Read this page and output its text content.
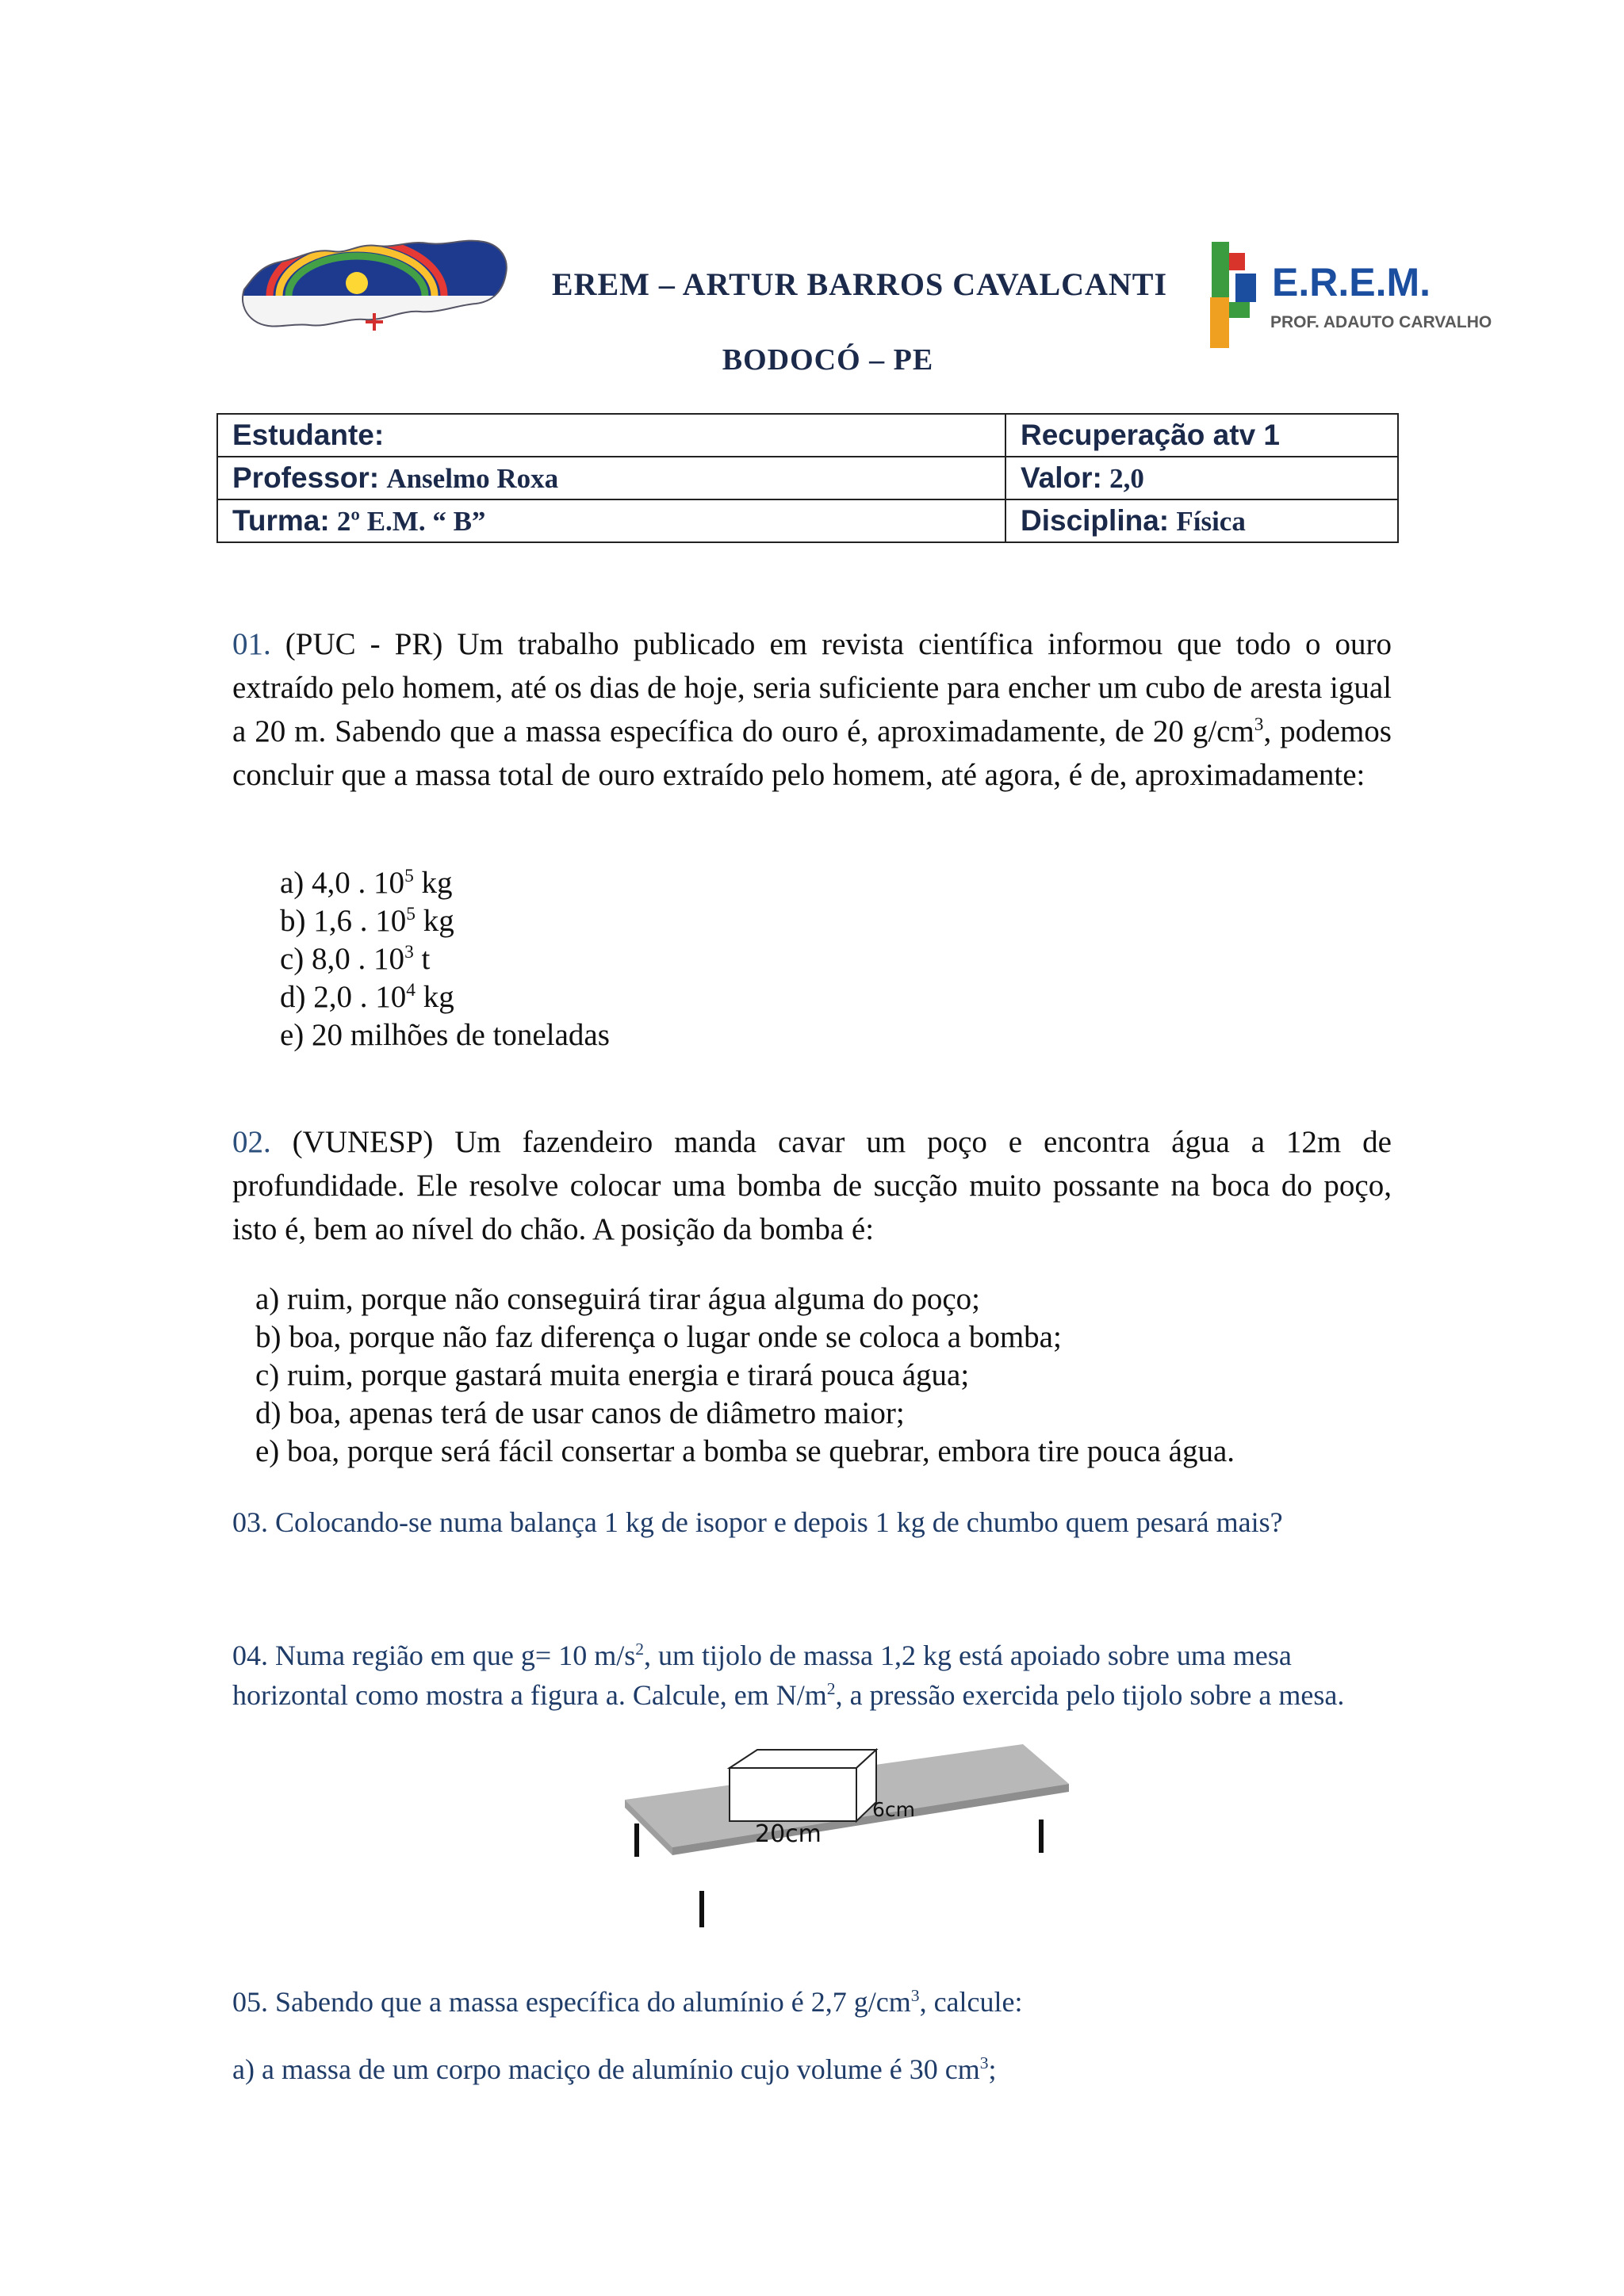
EREM – ARTUR BARROS CAVALCANTI	E.R.E.M.
PROF. ADAUTO CARVALHO
BODOCÓ – PE
Estudante:	Recuperação atv 1
Professor: Anselmo Roxa	Valor: 2,0
Turma: 2º E.M. “ B”	Disciplina: Física
01. (PUC - PR) Um trabalho publicado em revista científica informou que todo o ouro extraído pelo homem, até os dias de hoje, seria suficiente para encher um cubo de aresta igual a 20 m. Sabendo que a massa específica do ouro é, aproximadamente, de 20 $g/cm^3$, podemos concluir que a massa total de ouro extraído pelo homem, até agora, é de, aproximadamente:
a) 4,0 . $10^5$ kg
b) 1,6 . $10^5$ kg
c) 8,0 . $10^3$ t
d) 2,0 . $10^4$ kg
e) 20 milhões de toneladas
02. (VUNESP) Um fazendeiro manda cavar um poço e encontra água a 12m de profundidade. Ele resolve colocar uma bomba de sucção muito possante na boca do poço, isto é, bem ao nível do chão. A posição da bomba é:
a) ruim, porque não conseguirá tirar água alguma do poço;
b) boa, porque não faz diferença o lugar onde se coloca a bomba;
c) ruim, porque gastará muita energia e tirará pouca água;
d) boa, apenas terá de usar canos de diâmetro maior;
e) boa, porque será fácil consertar a bomba se quebrar, embora tire pouca água.
03. Colocando-se numa balança 1 kg de isopor e depois 1 kg de chumbo quem pesará mais?
04. Numa região em que g= 10 $m/s^2$, um tijolo de massa 1,2 kg está apoiado sobre uma mesa horizontal como mostra a figura a. Calcule, em $N/m^2$, a pressão exercida pelo tijolo sobre a mesa.
20cm
6cm
05. Sabendo que a massa específica do alumínio é 2,7 $g/cm^3$, calcule:
a) a massa de um corpo maciço de alumínio cujo volume é 30 $cm^3$;
